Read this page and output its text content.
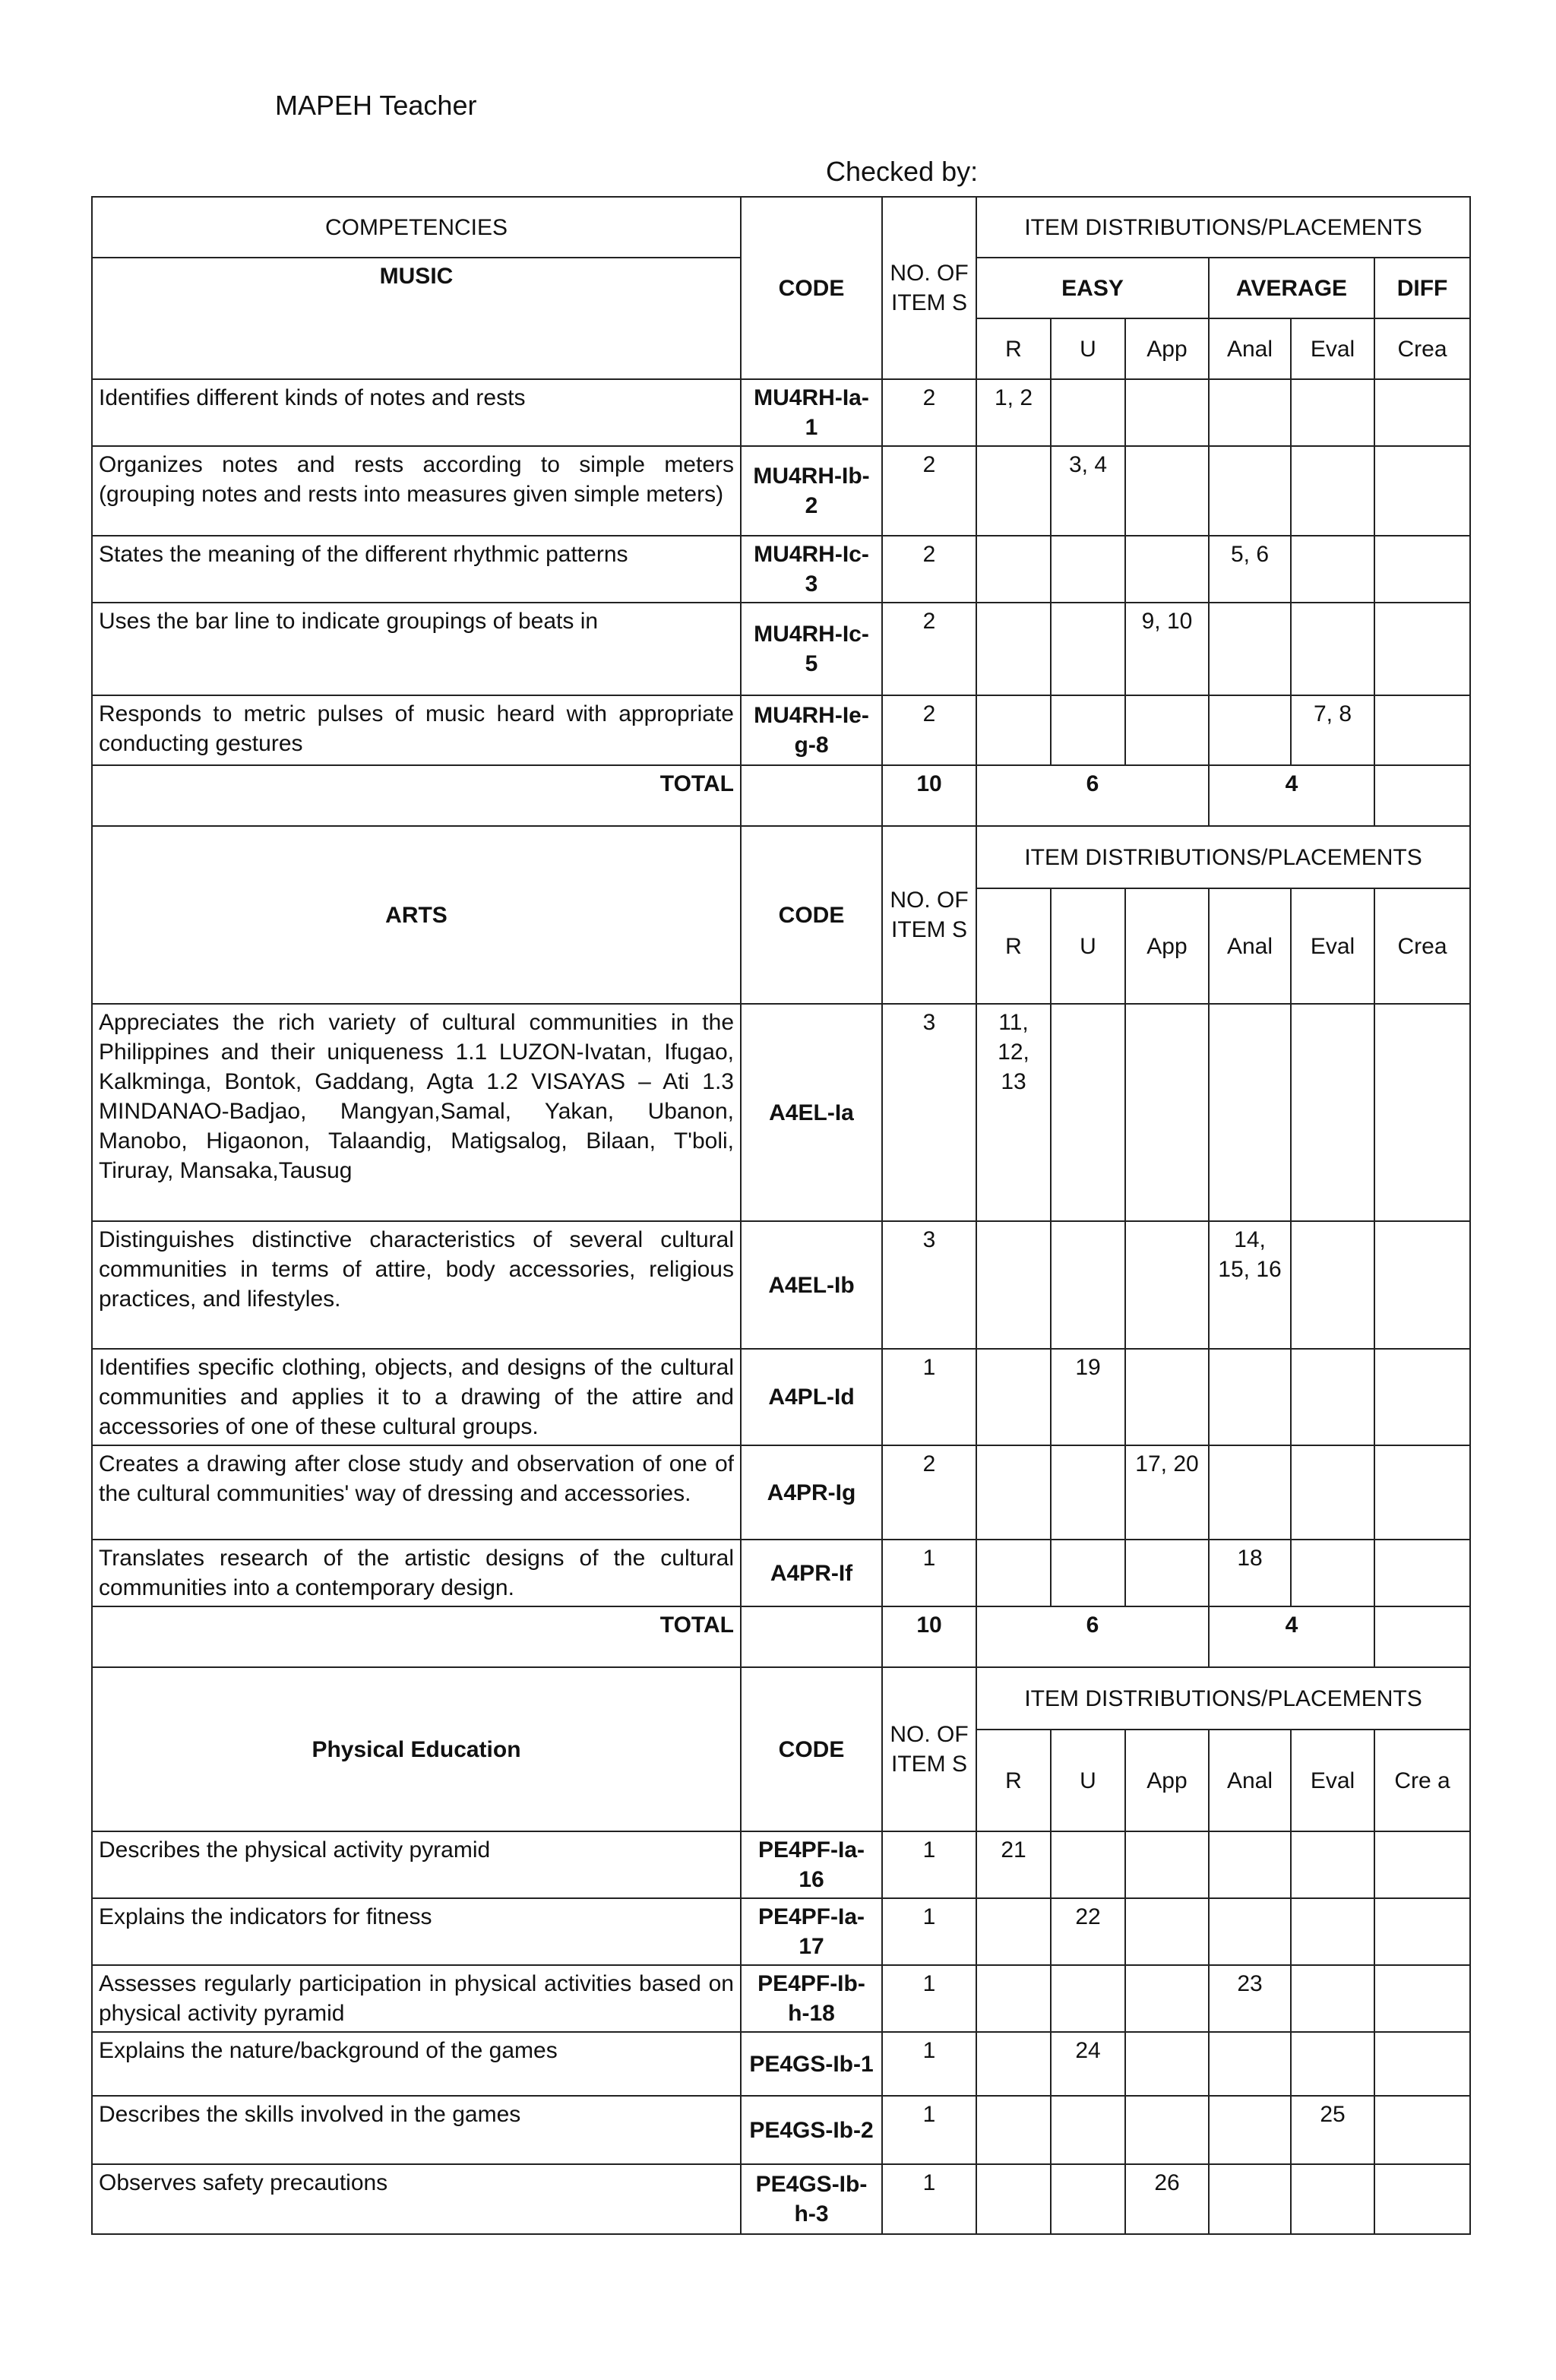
MAPEH Teacher
Checked by:
COMPETENCIES	CODE	NO. OF ITEM S	ITEM DISTRIBUTIONS/PLACEMENTS					
MUSIC			EASY			AVERAGE		DIFF
			R	U	App	Anal	Eval	Crea
Identifies different kinds of notes and rests	MU4RH-Ia-1	2	1, 2					
Organizes notes and rests according to simple meters (grouping notes and rests into measures given simple meters)	MU4RH-Ib-2	2		3, 4				
States the meaning of the different rhythmic patterns	MU4RH-Ic-3	2				5, 6		
Uses the bar line to indicate groupings of beats in	MU4RH-Ic-5	2			9, 10			
Responds to metric pulses of music heard with appropriate conducting gestures	MU4RH-Ie-g-8	2					7, 8	
TOTAL		10	6			4		
ARTS	CODE	NO. OF ITEM S	ITEM DISTRIBUTIONS/PLACEMENTS					
			R	U	App	Anal	Eval	Crea
Appreciates the rich variety of cultural communities in the Philippines and their uniqueness 1.1 LUZON-Ivatan, Ifugao, Kalkminga, Bontok, Gaddang, Agta 1.2 VISAYAS – Ati 1.3 MINDANAO-Badjao, Mangyan,Samal, Yakan, Ubanon, Manobo, Higaonon, Talaandig, Matigsalog, Bilaan, T'boli, Tiruray, Mansaka,Tausug	A4EL-Ia	3	11, 12, 13					
Distinguishes distinctive characteristics of several cultural communities in terms of attire, body accessories, religious practices, and lifestyles.	A4EL-Ib	3				14, 15, 16		
Identifies specific clothing, objects, and designs of the cultural communities and applies it to a drawing of the attire and accessories of one of these cultural groups.	A4PL-Id	1		19				
Creates a drawing after close study and observation of one of the cultural communities' way of dressing and accessories.	A4PR-Ig	2			17, 20			
Translates research of the artistic designs of the cultural communities into a contemporary design.	A4PR-If	1				18		
TOTAL		10	6			4		
Physical Education	CODE	NO. OF ITEM S	ITEM DISTRIBUTIONS/PLACEMENTS					
			R	U	App	Anal	Eval	Cre a
Describes the physical activity pyramid	PE4PF-Ia-16	1	21					
Explains the indicators for fitness	PE4PF-Ia-17	1		22				
Assesses regularly participation in physical activities based on physical activity pyramid	PE4PF-Ib-h-18	1				23		
Explains the nature/background of the games	PE4GS-Ib-1	1		24				
Describes the skills involved in the games	PE4GS-Ib-2	1					25	
Observes safety precautions	PE4GS-Ib-h-3	1			26			
